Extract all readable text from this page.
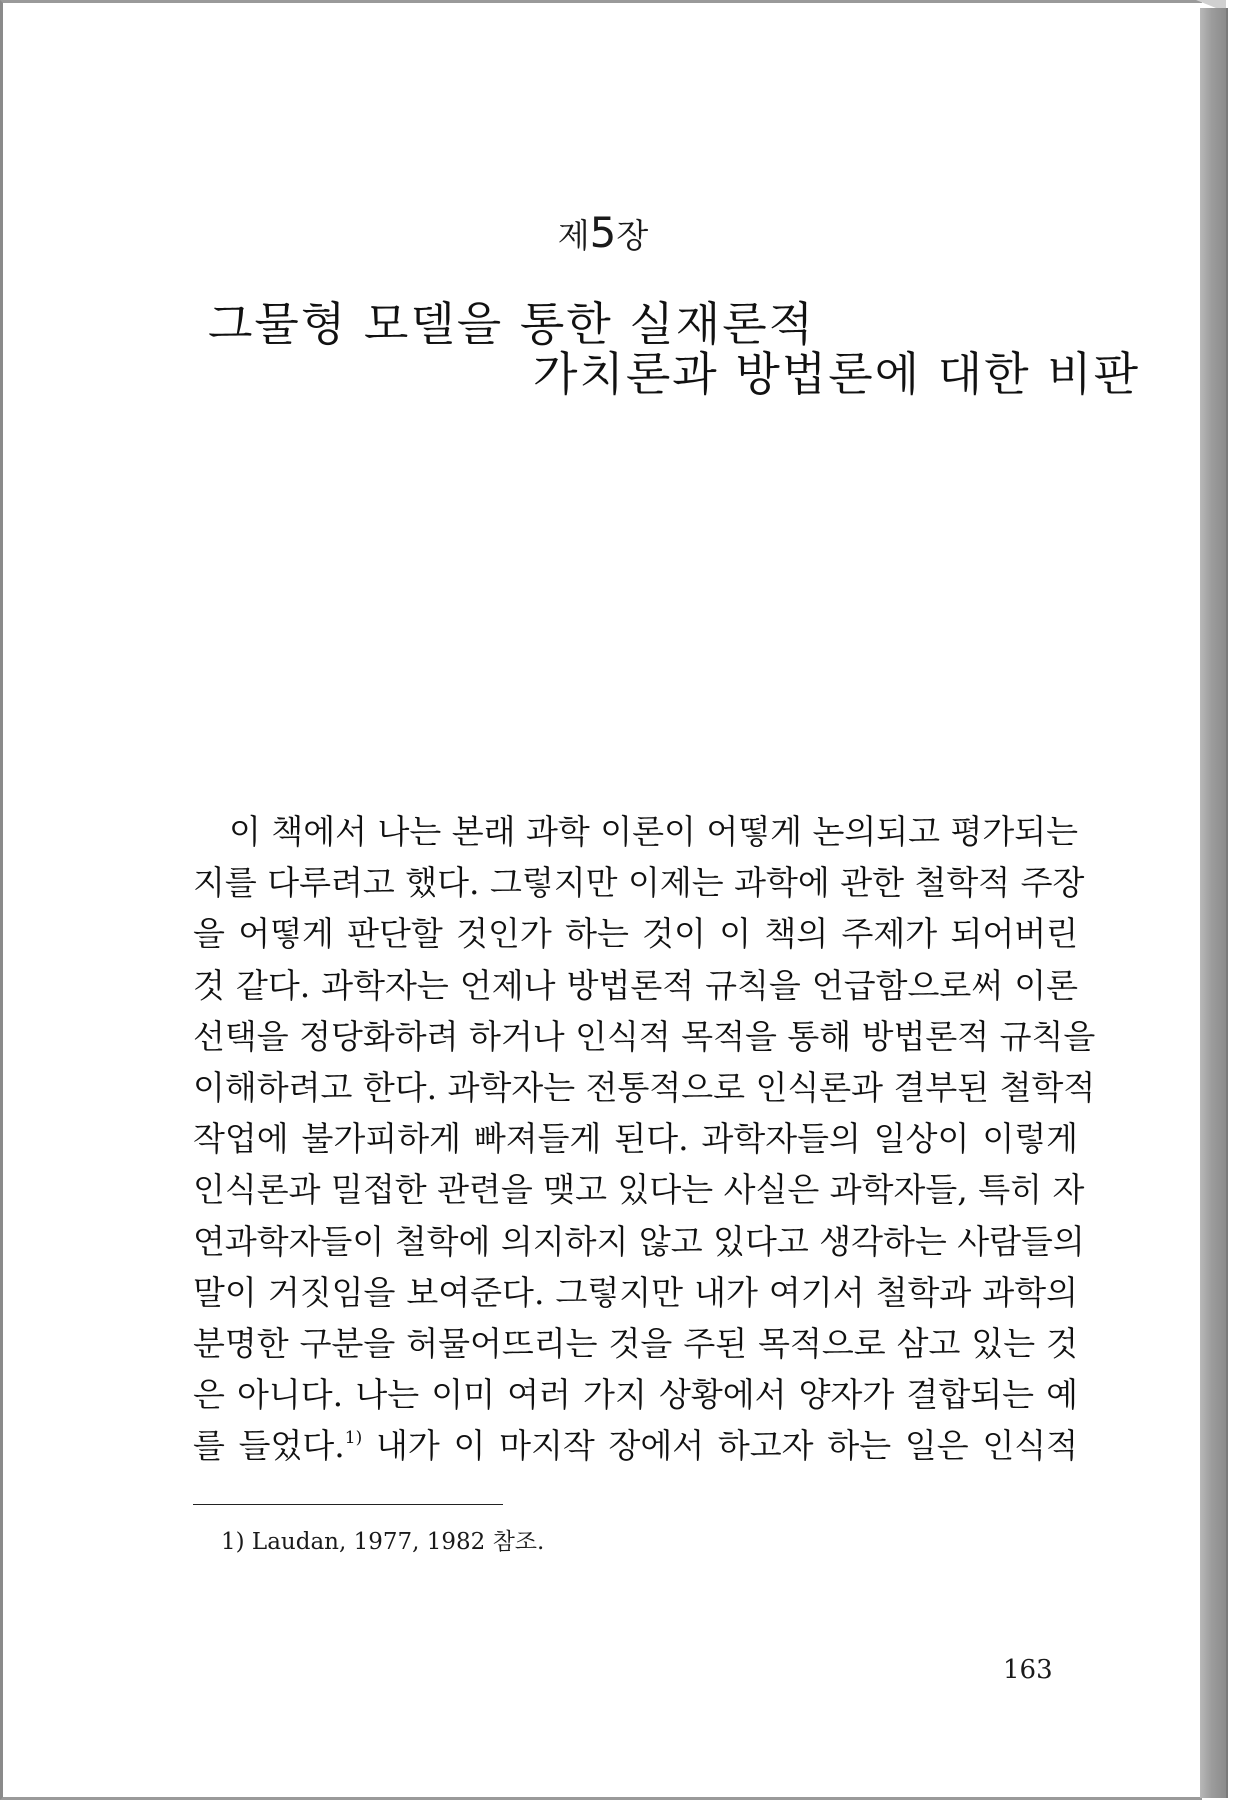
제5장
그물형 모델을 통한 실재론적
가치론과 방법론에 대한 비판

이 책에서 나는 본래 과학 이론이 어떻게 논의되고 평가되는

지를 다루려고 했다. 그렇지만 이제는 과학에 관한 철학적 주장

을 어떻게 판단할 것인가 하는 것이 이 책의 주제가 되어버린

것 같다. 과학자는 언제나 방법론적 규칙을 언급함으로써 이론

선택을 정당화하려 하거나 인식적 목적을 통해 방법론적 규칙을

이해하려고 한다. 과학자는 전통적으로 인식론과 결부된 철학적

작업에 불가피하게 빠져들게 된다. 과학자들의 일상이 이렇게

인식론과 밀접한 관련을 맺고 있다는 사실은 과학자들, 특히 자

연과학자들이 철학에 의지하지 않고 있다고 생각하는 사람들의

말이 거짓임을 보여준다. 그렇지만 내가 여기서 철학과 과학의

분명한 구분을 허물어뜨리는 것을 주된 목적으로 삼고 있는 것

은 아니다. 나는 이미 여러 가지 상황에서 양자가 결합되는 예

를 들었다.$^{1)}$ 내가 이 마지작 장에서 하고자 하는 일은 인식적

1) Laudan, 1977, 1982 참조.
163
